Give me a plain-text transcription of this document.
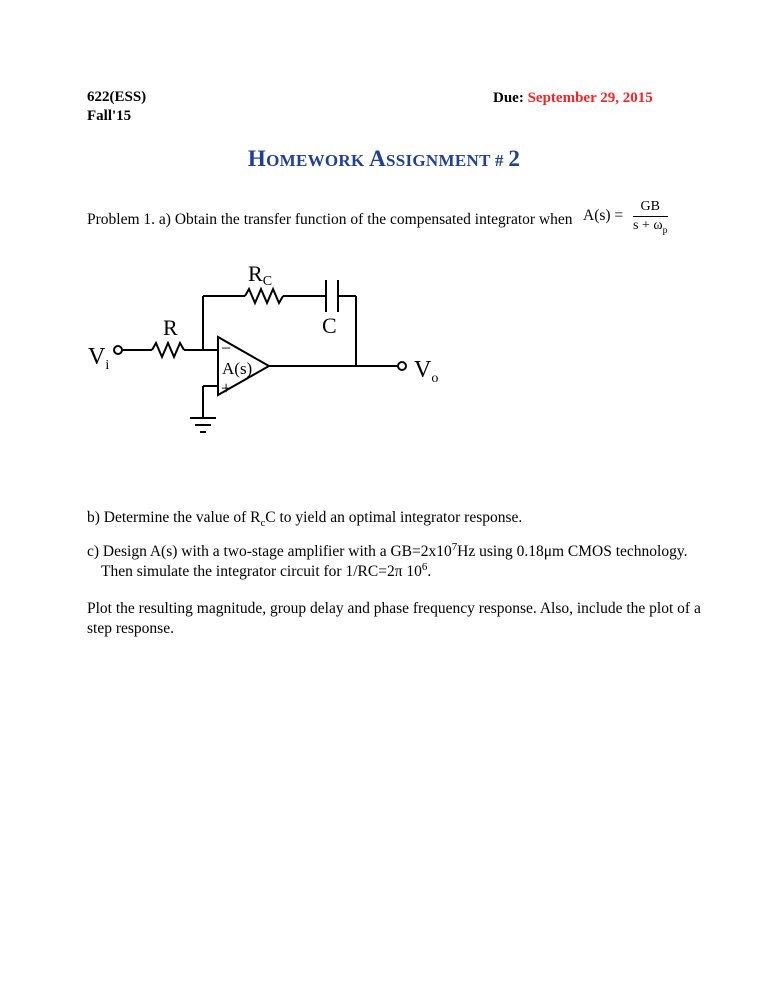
622(ESS)
Fall'15
Due: September 29, 2015
HOMEWORK ASSIGNMENT # 2
Problem 1. a) Obtain the transfer function of the compensated integrator when $A(s) = \frac{GB}{s + \omega_p}$
RC
C
R
$V_i$
−
A(s)
+
$V_o$
b) Determine the value of $R_cC$ to yield an optimal integrator response.
c) Design A(s) with a two-stage amplifier with a $GB=2x10^7Hz$ using 0.18μm CMOS technology.
Then simulate the integrator circuit for 1/RC=2π $10^6$.
Plot the resulting magnitude, group delay and phase frequency response. Also, include the plot of a step response.
